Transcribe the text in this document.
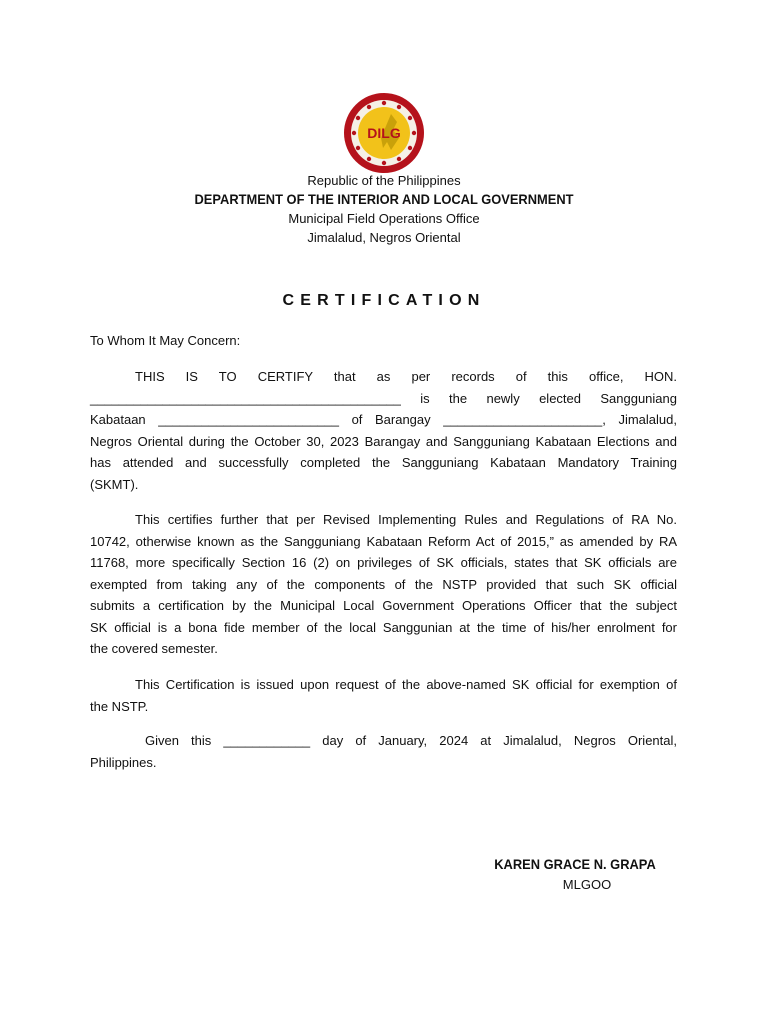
DILG
Republic of the Philippines
DEPARTMENT OF THE INTERIOR AND LOCAL GOVERNMENT
Municipal Field Operations Office
Jimalalud, Negros Oriental
CERTIFICATION
To Whom It May Concern:
THIS IS TO CERTIFY that as per records of this office, HON.
___________________________________________ is the newly elected Sangguniang
Kabataan _________________________ of Barangay ______________________, Jimalalud,
Negros Oriental during the October 30, 2023 Barangay and Sangguniang Kabataan Elections and
has attended and successfully completed the Sangguniang Kabataan Mandatory Training
(SKMT).
This certifies further that per Revised Implementing Rules and Regulations of RA No.
10742, otherwise known as the Sangguniang Kabataan Reform Act of 2015,” as amended by RA
11768, more specifically Section 16 (2) on privileges of SK officials, states that SK officials are
exempted from taking any of the components of the NSTP provided that such SK official
submits a certification by the Municipal Local Government Operations Officer that the subject
SK official is a bona fide member of the local Sanggunian at the time of his/her enrolment for
the covered semester.
This Certification is issued upon request of the above-named SK official for exemption of
the NSTP.
Given this ____________ day of January, 2024 at Jimalalud, Negros Oriental,
Philippines.
KAREN GRACE N. GRAPA
MLGOO
